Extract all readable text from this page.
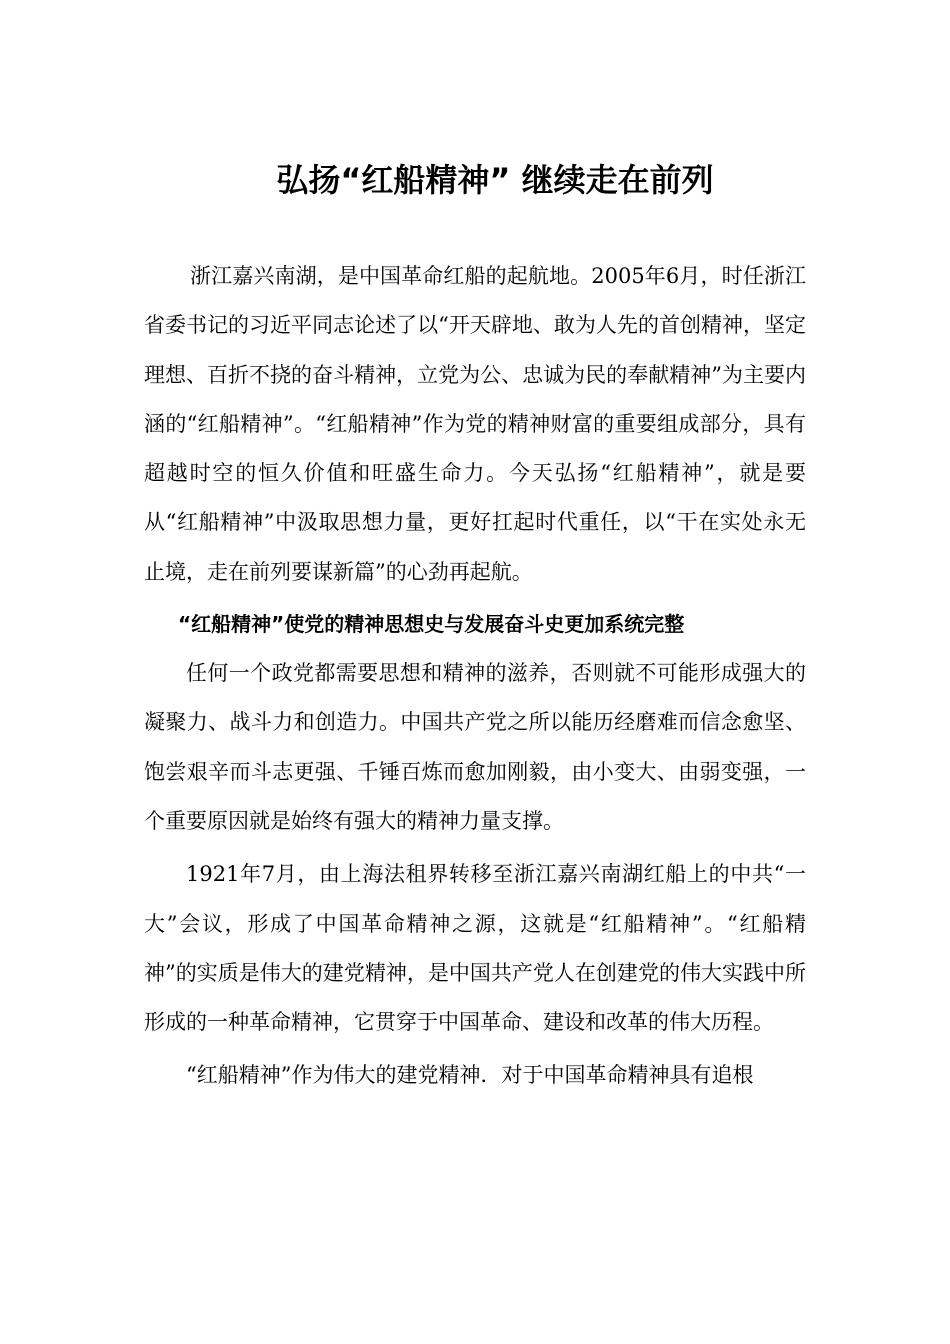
弘扬“红船精神” 继续走在前列

浙江嘉兴南湖，是中国革命红船的起航地。2005年6月，时任浙江省委书记的习近平同志论述了以“开天辟地、敢为人先的首创精神，坚定理想、百折不挠的奋斗精神，立党为公、忠诚为民的奉献精神”为主要内涵的“红船精神”。“红船精神”作为党的精神财富的重要组成部分，具有超越时空的恒久价值和旺盛生命力。今天弘扬“红船精神”，就是要从“红船精神”中汲取思想力量，更好扛起时代重任，以“干在实处永无止境，走在前列要谋新篇”的心劲再起航。

“红船精神”使党的精神思想史与发展奋斗史更加系统完整

任何一个政党都需要思想和精神的滋养，否则就不可能形成强大的凝聚力、战斗力和创造力。中国共产党之所以能历经磨难而信念愈坚、饱尝艰辛而斗志更强、千锤百炼而愈加刚毅，由小变大、由弱变强，一个重要原因就是始终有强大的精神力量支撑。

1921年7月，由上海法租界转移至浙江嘉兴南湖红船上的中共“一大”会议，形成了中国革命精神之源，这就是“红船精神”。“红船精神”的实质是伟大的建党精神，是中国共产党人在创建党的伟大实践中所形成的一种革命精神，它贯穿于中国革命、建设和改革的伟大历程。

“红船精神”作为伟大的建党精神．对于中国革命精神具有追根
